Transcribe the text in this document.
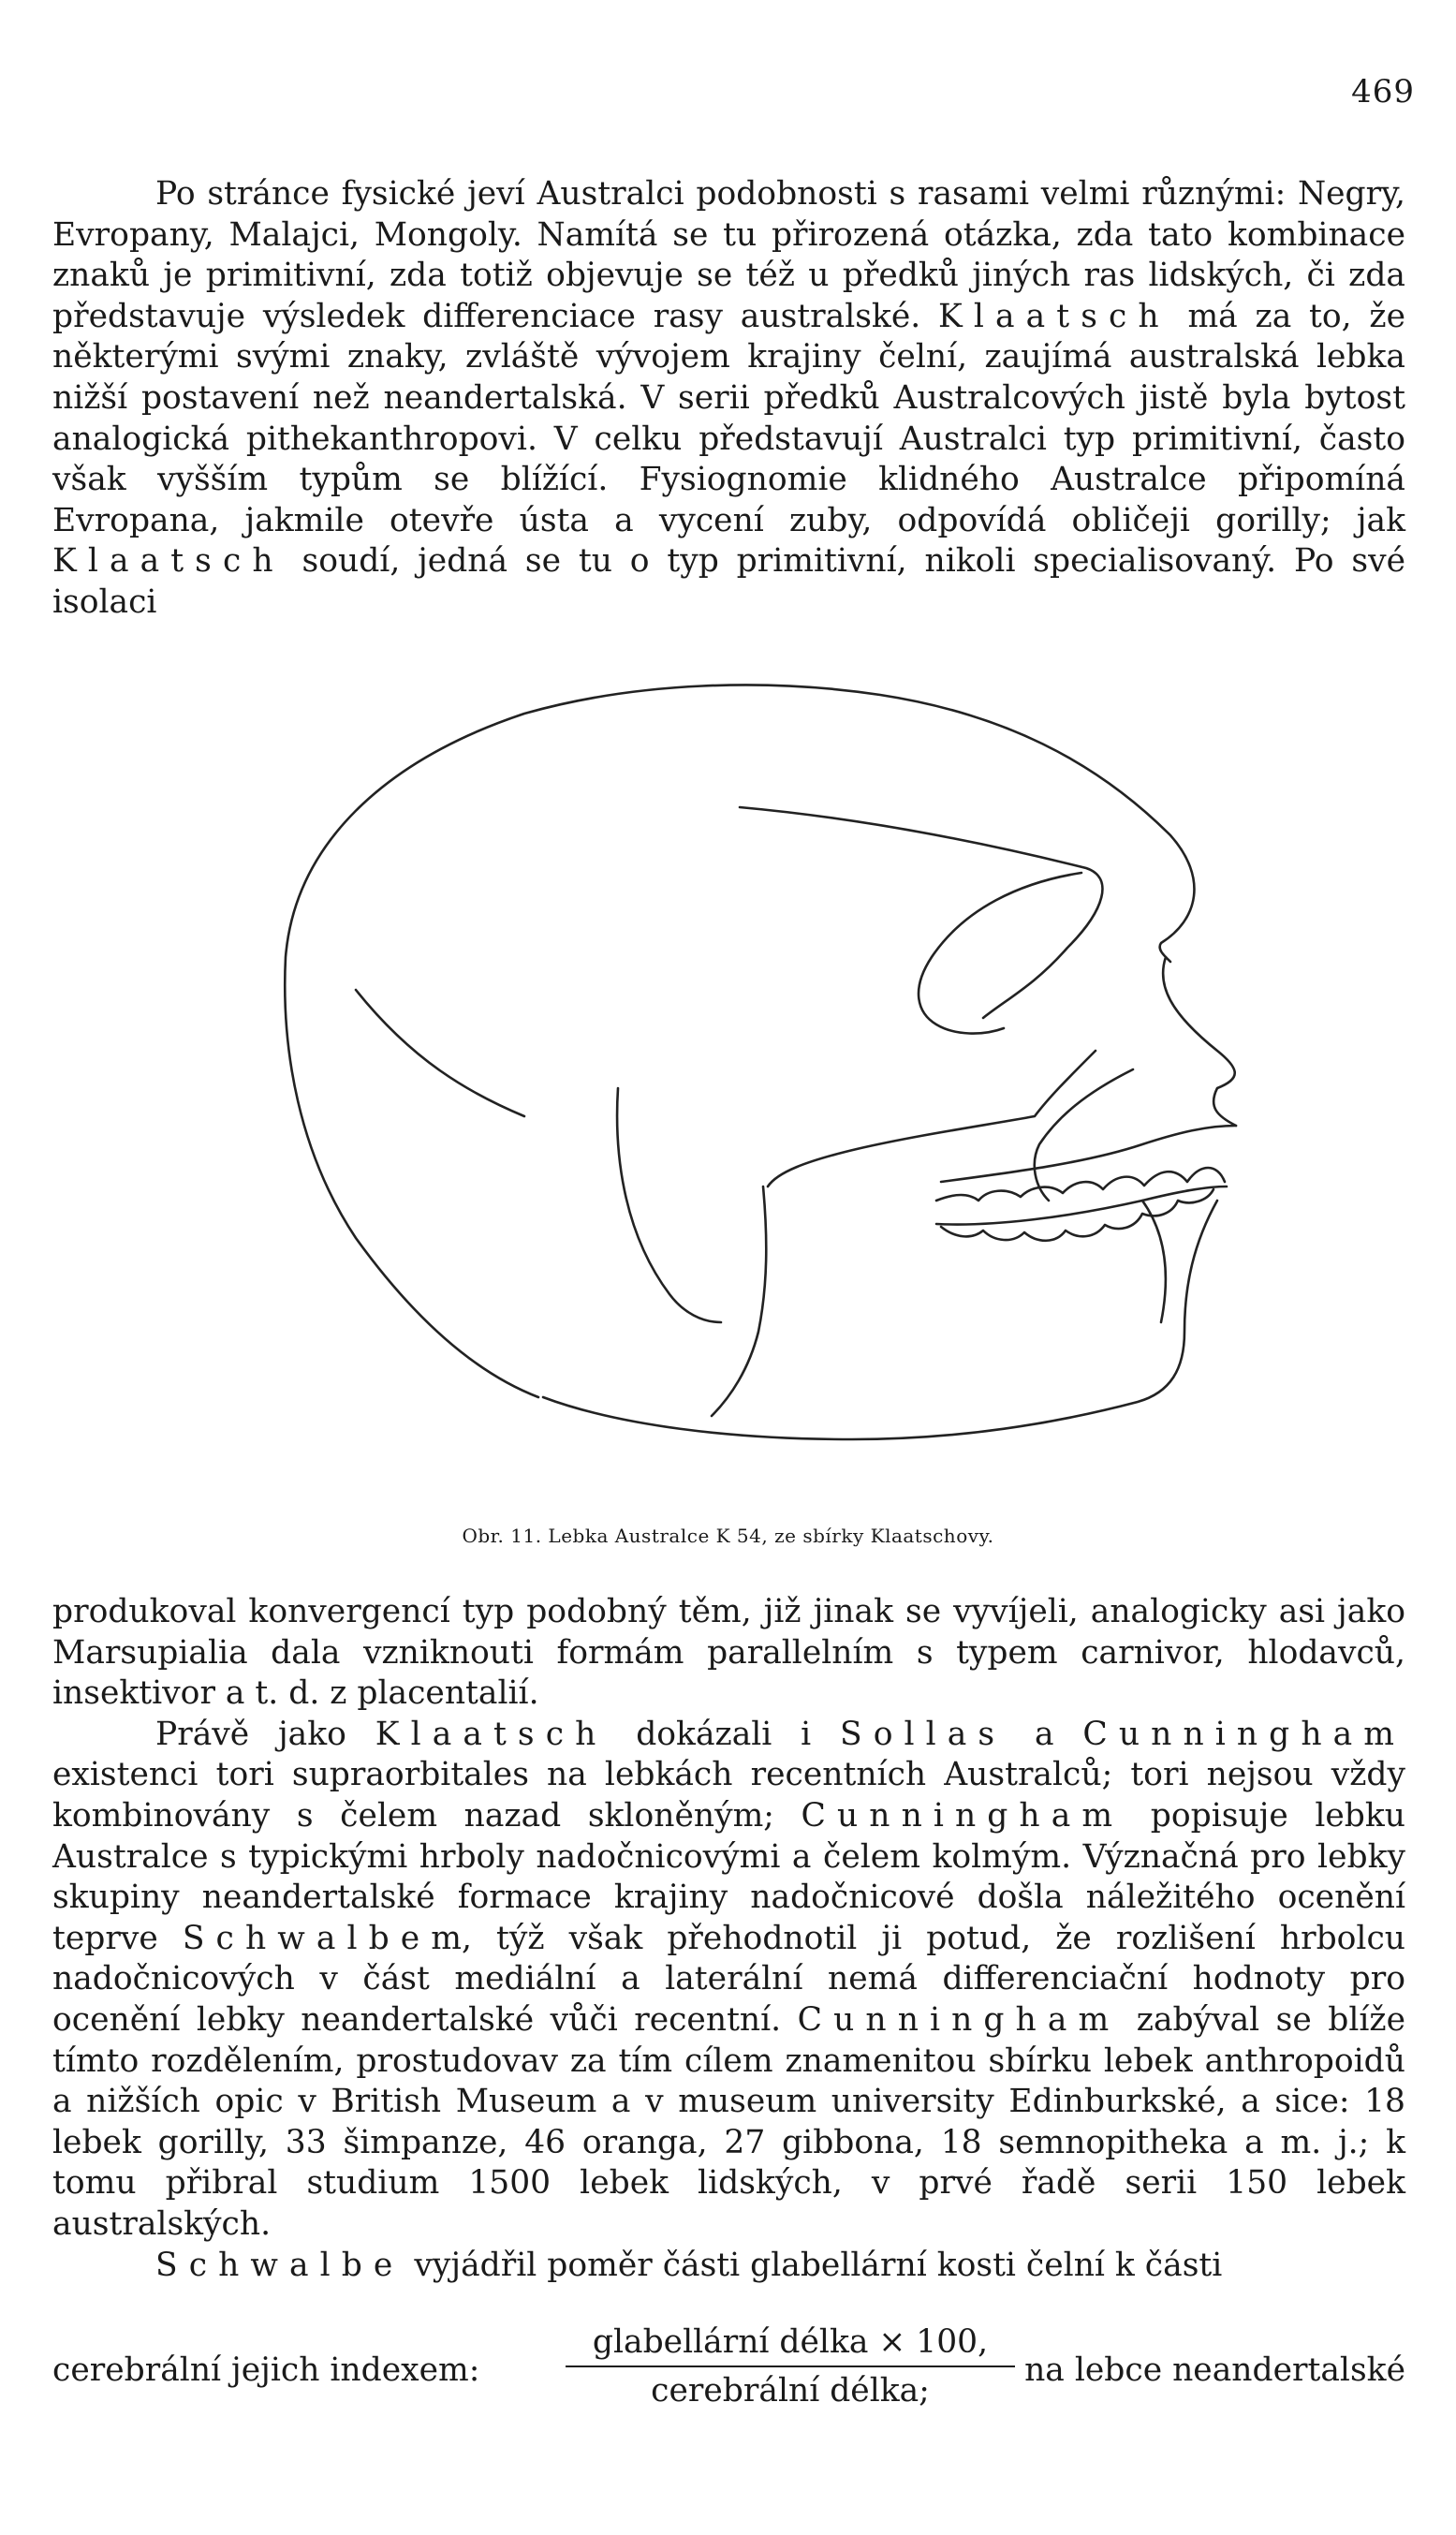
469
Po stránce fysické jeví Australci podobnosti s rasami velmi různými: Negry, Evropany, Malajci, Mongoly. Namítá se tu přirozená otázka, zda tato kombinace znaků je primitivní, zda totiž objevuje se též u předků jiných ras lidských, či zda představuje výsledek differenciace rasy australské. Klaatsch má za to, že některými svými znaky, zvláště vývojem krajiny čelní, zaujímá australská lebka nižší postavení než neandertalská. V serii předků Australcových jistě byla bytost analogická pithekanthropovi. V celku představují Australci typ primitivní, často však vyšším typům se blížící. Fysiognomie klidného Australce připomíná Evropana, jakmile otevře ústa a vycení zuby, odpovídá obličeji gorilly; jak Klaatsch soudí, jedná se tu o typ primitivní, nikoli specialisovaný. Po své isolaci
Obr. 11. Lebka Australce K 54, ze sbírky Klaatschovy.
produkoval konvergencí typ podobný těm, již jinak se vyvíjeli, analogicky asi jako Marsupialia dala vzniknouti formám parallelním s typem carnivor, hlodavců, insektivor a t. d. z placentalií.
Právě jako Klaatsch dokázali i Sollas a Cunningham existenci tori supraorbitales na lebkách recentních Australců; tori nejsou vždy kombinovány s čelem nazad skloněným; Cunningham popisuje lebku Australce s typickými hrboly nadočnicovými a čelem kolmým. Význačná pro lebky skupiny neandertalské formace krajiny nadočnicové došla náležitého ocenění teprve Schwalbem, týž však přehodnotil ji potud, že rozlišení hrbolcu nadočnicových v část mediální a laterální nemá differenciační hodnoty pro ocenění lebky neandertalské vůči recentní. Cunningham zabýval se blíže tímto rozdělením, prostudovav za tím cílem znamenitou sbírku lebek anthropoidů a nižších opic v British Museum a v museum university Edinburkské, a sice: 18 lebek gorilly, 33 šimpanze, 46 oranga, 27 gibbona, 18 semnopitheka a m. j.; k tomu přibral studium 1500 lebek lidských, v prvé řadě serii 150 lebek australských.
Schwalbe vyjádřil poměr části glabellární kosti čelní k části
cerebrální jejich indexem:
glabellární délka × 100,
cerebrální délka;
na lebce neandertalské
